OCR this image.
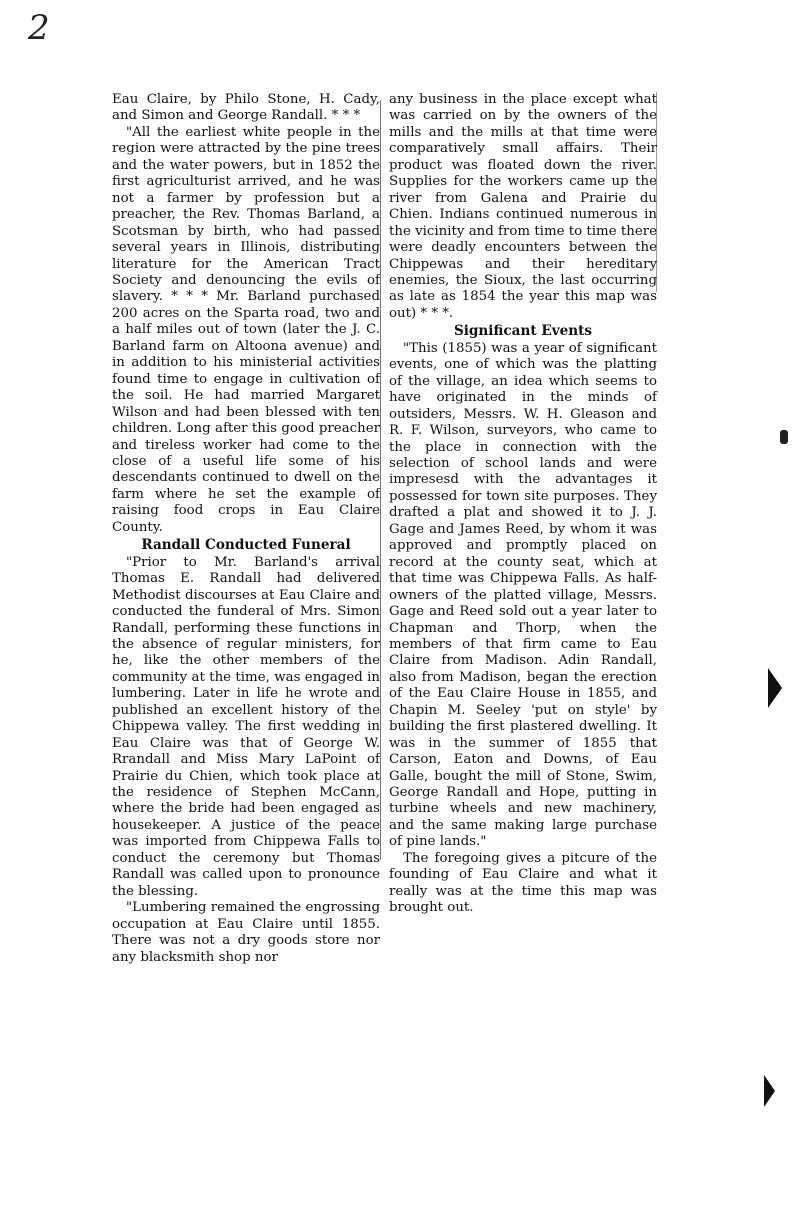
2

Eau Claire, by Philo Stone, H. Cady, and Simon and George Randall. * * *

"All the earliest white people in the region were attracted by the pine trees and the water powers, but in 1852 the first agriculturist arrived, and he was not a farmer by profession but a preacher, the Rev. Thomas Barland, a Scotsman by birth, who had passed several years in Illinois, distributing literature for the American Tract Society and denouncing the evils of slavery. * * * Mr. Barland purchased 200 acres on the Sparta road, two and a half miles out of town (later the J. C. Barland farm on Altoona avenue) and in addition to his ministerial activities found time to engage in cultivation of the soil. He had married Margaret Wilson and had been blessed with ten children. Long after this good preacher and tireless worker had come to the close of a useful life some of his descendants continued to dwell on the farm where he set the example of raising food crops in Eau Claire County.

Randall Conducted Funeral

"Prior to Mr. Barland's arrival Thomas E. Randall had delivered Methodist discourses at Eau Claire and conducted the funderal of Mrs. Simon Randall, performing these functions in the absence of regular ministers, for he, like the other members of the community at the time, was engaged in lumbering. Later in life he wrote and published an excellent history of the Chippewa valley. The first wedding in Eau Claire was that of George W. Rrandall and Miss Mary LaPoint of Prairie du Chien, which took place at the residence of Stephen McCann, where the bride had been engaged as housekeeper. A justice of the peace was imported from Chippewa Falls to conduct the ceremony but Thomas Randall was called upon to pronounce the blessing.

"Lumbering remained the engrossing occupation at Eau Claire until 1855. There was not a dry goods store nor any blacksmith shop nor

any business in the place except what was carried on by the owners of the mills and the mills at that time were comparatively small affairs. Their product was floated down the river. Supplies for the workers came up the river from Galena and Prairie du Chien. Indians continued numerous in the vicinity and from time to time there were deadly encounters between the Chippewas and their hereditary enemies, the Sioux, the last occurring as late as 1854 the year this map was out) * * *.

Significant Events

"This (1855) was a year of significant events, one of which was the platting of the village, an idea which seems to have originated in the minds of outsiders, Messrs. W. H. Gleason and R. F. Wilson, surveyors, who came to the place in connection with the selection of school lands and were impresesd with the advantages it possessed for town site purposes. They drafted a plat and showed it to J. J. Gage and James Reed, by whom it was approved and promptly placed on record at the county seat, which at that time was Chippewa Falls. As half-owners of the platted village, Messrs. Gage and Reed sold out a year later to Chapman and Thorp, when the members of that firm came to Eau Claire from Madison. Adin Randall, also from Madison, began the erection of the Eau Claire House in 1855, and Chapin M. Seeley 'put on style' by building the first plastered dwelling. It was in the summer of 1855 that Carson, Eaton and Downs, of Eau Galle, bought the mill of Stone, Swim, George Randall and Hope, putting in turbine wheels and new machinery, and the same making large purchase of pine lands."

The foregoing gives a pitcure of the founding of Eau Claire and what it really was at the time this map was brought out.
